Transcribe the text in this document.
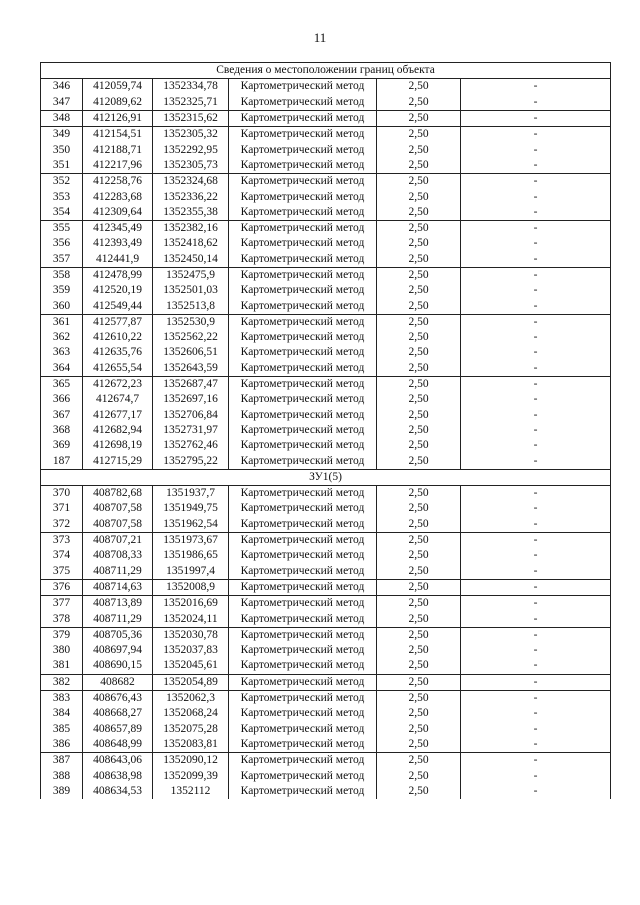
11
Сведения о местоположении границ объекта					
346	412059,74	1352334,78	Картометрический метод	2,50	-
347	412089,62	1352325,71	Картометрический метод	2,50	-
348	412126,91	1352315,62	Картометрический метод	2,50	-
349	412154,51	1352305,32	Картометрический метод	2,50	-
350	412188,71	1352292,95	Картометрический метод	2,50	-
351	412217,96	1352305,73	Картометрический метод	2,50	-
352	412258,76	1352324,68	Картометрический метод	2,50	-
353	412283,68	1352336,22	Картометрический метод	2,50	-
354	412309,64	1352355,38	Картометрический метод	2,50	-
355	412345,49	1352382,16	Картометрический метод	2,50	-
356	412393,49	1352418,62	Картометрический метод	2,50	-
357	412441,9	1352450,14	Картометрический метод	2,50	-
358	412478,99	1352475,9	Картометрический метод	2,50	-
359	412520,19	1352501,03	Картометрический метод	2,50	-
360	412549,44	1352513,8	Картометрический метод	2,50	-
361	412577,87	1352530,9	Картометрический метод	2,50	-
362	412610,22	1352562,22	Картометрический метод	2,50	-
363	412635,76	1352606,51	Картометрический метод	2,50	-
364	412655,54	1352643,59	Картометрический метод	2,50	-
365	412672,23	1352687,47	Картометрический метод	2,50	-
366	412674,7	1352697,16	Картометрический метод	2,50	-
367	412677,17	1352706,84	Картометрический метод	2,50	-
368	412682,94	1352731,97	Картометрический метод	2,50	-
369	412698,19	1352762,46	Картометрический метод	2,50	-
187	412715,29	1352795,22	Картометрический метод	2,50	-
ЗУ1(5)					
370	408782,68	1351937,7	Картометрический метод	2,50	-
371	408707,58	1351949,75	Картометрический метод	2,50	-
372	408707,58	1351962,54	Картометрический метод	2,50	-
373	408707,21	1351973,67	Картометрический метод	2,50	-
374	408708,33	1351986,65	Картометрический метод	2,50	-
375	408711,29	1351997,4	Картометрический метод	2,50	-
376	408714,63	1352008,9	Картометрический метод	2,50	-
377	408713,89	1352016,69	Картометрический метод	2,50	-
378	408711,29	1352024,11	Картометрический метод	2,50	-
379	408705,36	1352030,78	Картометрический метод	2,50	-
380	408697,94	1352037,83	Картометрический метод	2,50	-
381	408690,15	1352045,61	Картометрический метод	2,50	-
382	408682	1352054,89	Картометрический метод	2,50	-
383	408676,43	1352062,3	Картометрический метод	2,50	-
384	408668,27	1352068,24	Картометрический метод	2,50	-
385	408657,89	1352075,28	Картометрический метод	2,50	-
386	408648,99	1352083,81	Картометрический метод	2,50	-
387	408643,06	1352090,12	Картометрический метод	2,50	-
388	408638,98	1352099,39	Картометрический метод	2,50	-
389	408634,53	1352112	Картометрический метод	2,50	-
